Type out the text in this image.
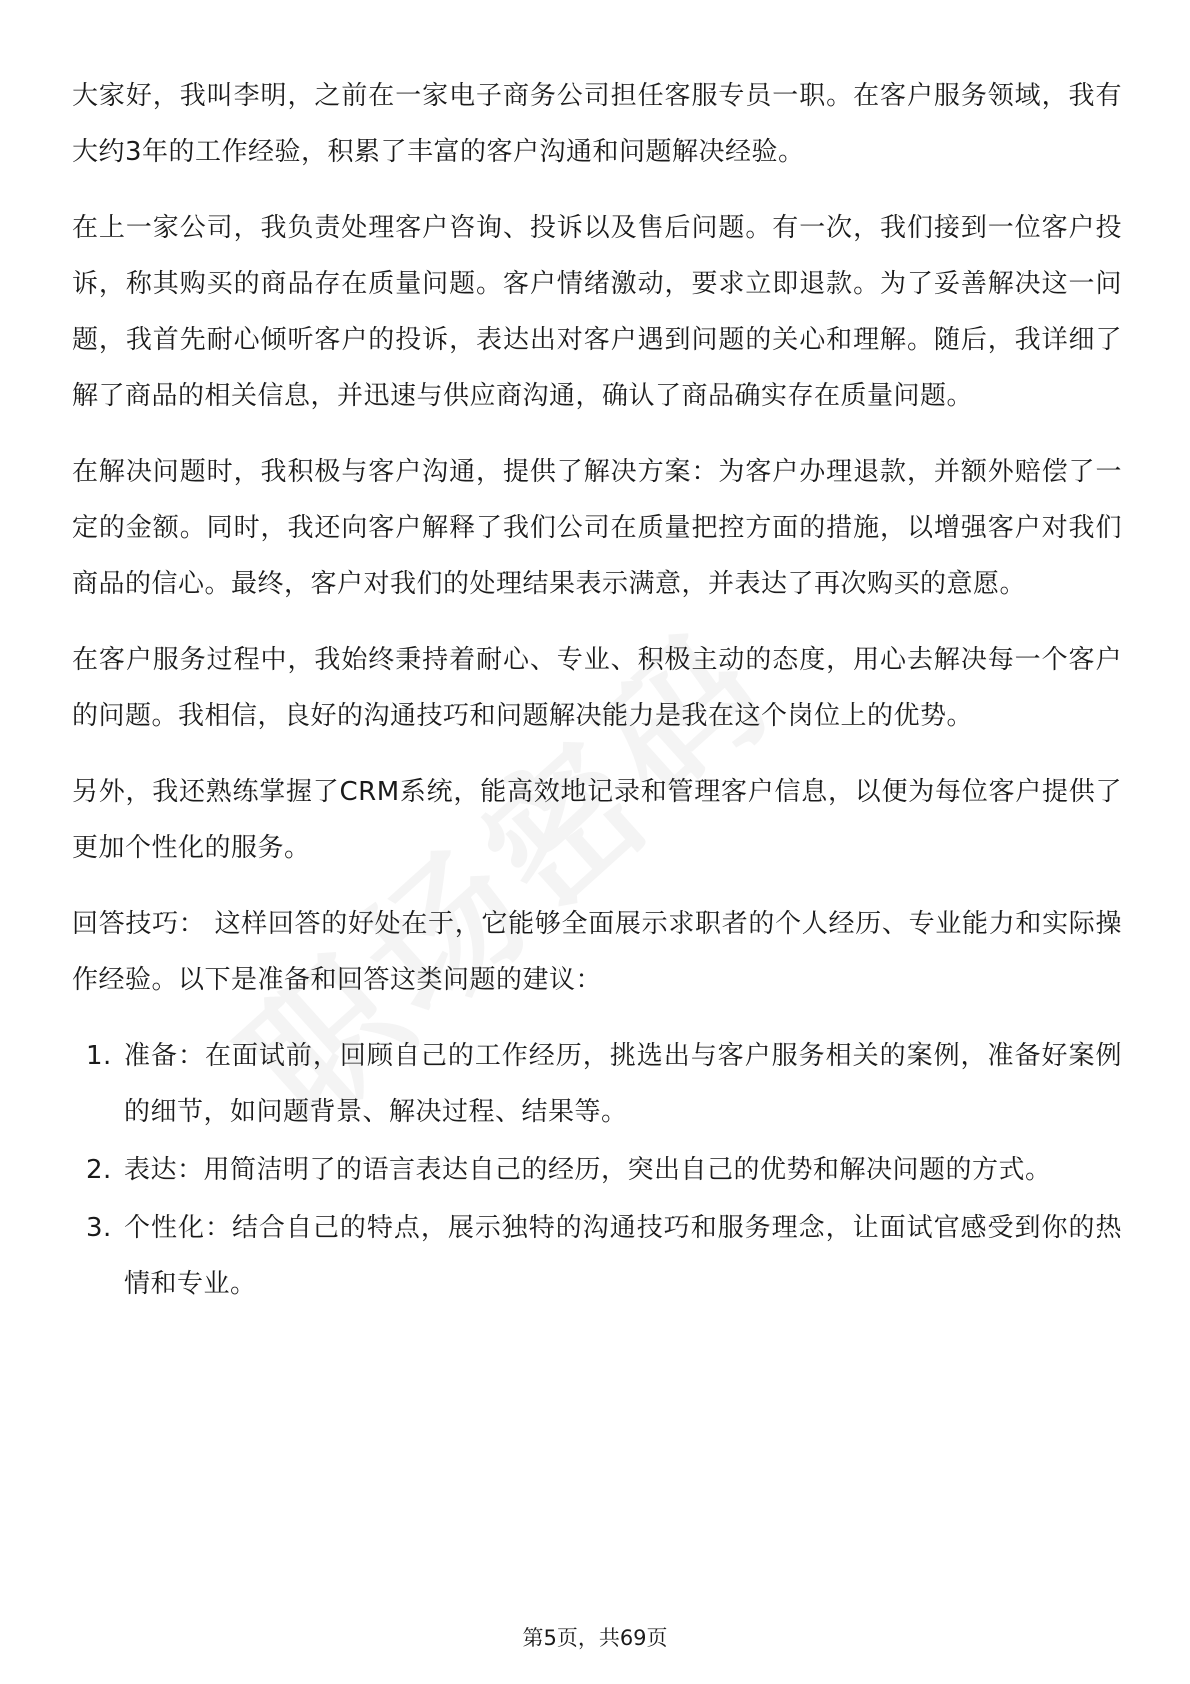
大家好，我叫李明，之前在一家电子商务公司担任客服专员一职。在客户服务领域，我有大约3年的工作经验，积累了丰富的客户沟通和问题解决经验。

在上一家公司，我负责处理客户咨询、投诉以及售后问题。有一次，我们接到一位客户投诉，称其购买的商品存在质量问题。客户情绪激动，要求立即退款。为了妥善解决这一问题，我首先耐心倾听客户的投诉，表达出对客户遇到问题的关心和理解。随后，我详细了解了商品的相关信息，并迅速与供应商沟通，确认了商品确实存在质量问题。

在解决问题时，我积极与客户沟通，提供了解决方案：为客户办理退款，并额外赔偿了一定的金额。同时，我还向客户解释了我们公司在质量把控方面的措施，以增强客户对我们商品的信心。最终，客户对我们的处理结果表示满意，并表达了再次购买的意愿。

在客户服务过程中，我始终秉持着耐心、专业、积极主动的态度，用心去解决每一个客户的问题。我相信，良好的沟通技巧和问题解决能力是我在这个岗位上的优势。

另外，我还熟练掌握了CRM系统，能高效地记录和管理客户信息，以便为每位客户提供了更加个性化的服务。

回答技巧： 这样回答的好处在于，它能够全面展示求职者的个人经历、专业能力和实际操作经验。以下是准备和回答这类问题的建议：

1. 准备：在面试前，回顾自己的工作经历，挑选出与客户服务相关的案例，准备好案例的细节，如问题背景、解决过程、结果等。
2. 表达：用简洁明了的语言表达自己的经历，突出自己的优势和解决问题的方式。
3. 个性化：结合自己的特点，展示独特的沟通技巧和服务理念，让面试官感受到你的热情和专业。
第5页，共69页
